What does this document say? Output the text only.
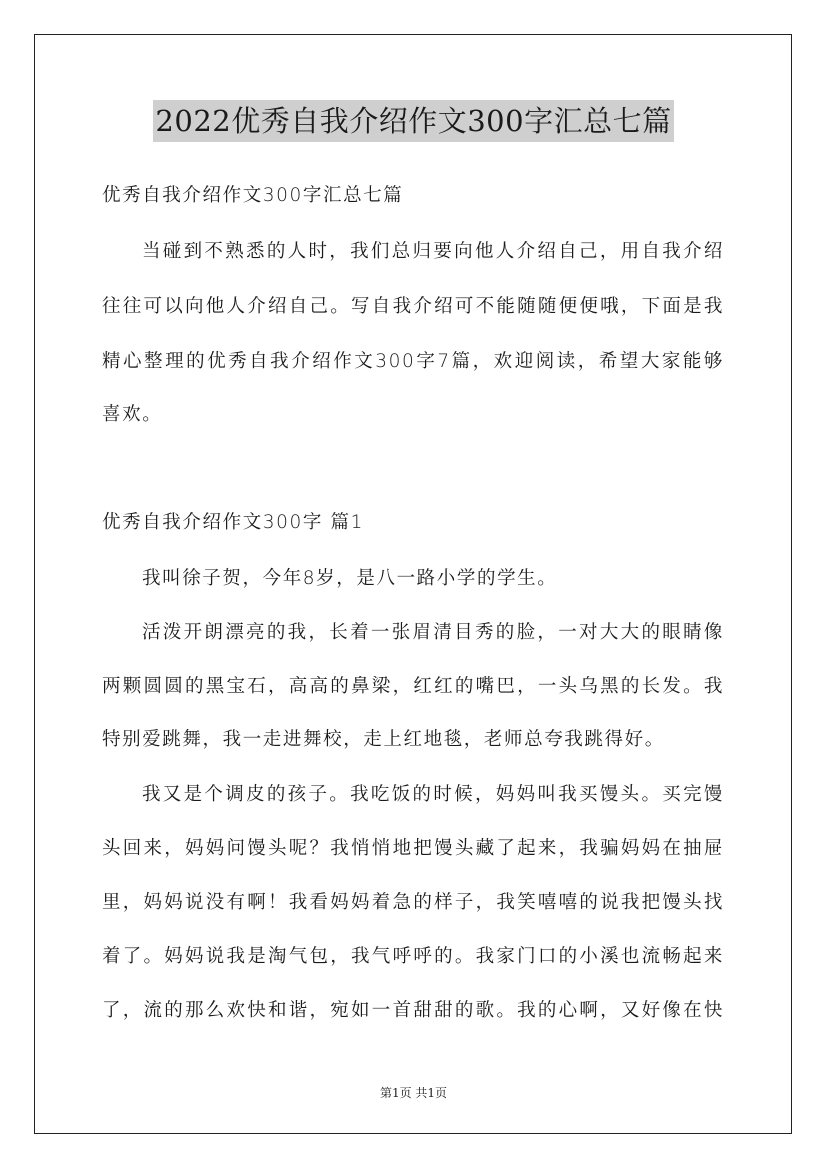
2022优秀自我介绍作文300字汇总七篇
优秀自我介绍作文300字汇总七篇
当碰到不熟悉的人时，我们总归要向他人介绍自己，用自我介绍
往往可以向他人介绍自己。写自我介绍可不能随随便便哦，下面是我
精心整理的优秀自我介绍作文300字7篇，欢迎阅读，希望大家能够
喜欢。
优秀自我介绍作文300字 篇1
我叫徐子贺，今年8岁，是八一路小学的学生。
活泼开朗漂亮的我，长着一张眉清目秀的脸，一对大大的眼睛像
两颗圆圆的黑宝石，高高的鼻梁，红红的嘴巴，一头乌黑的长发。我
特别爱跳舞，我一走进舞校，走上红地毯，老师总夸我跳得好。
我又是个调皮的孩子。我吃饭的时候，妈妈叫我买馒头。买完馒
头回来，妈妈问馒头呢？我悄悄地把馒头藏了起来，我骗妈妈在抽屉
里，妈妈说没有啊！我看妈妈着急的样子，我笑嘻嘻的说我把馒头找
着了。妈妈说我是淘气包，我气呼呼的。我家门口的小溪也流畅起来
了，流的那么欢快和谐，宛如一首甜甜的歌。我的心啊，又好像在快
第1页 共1页
